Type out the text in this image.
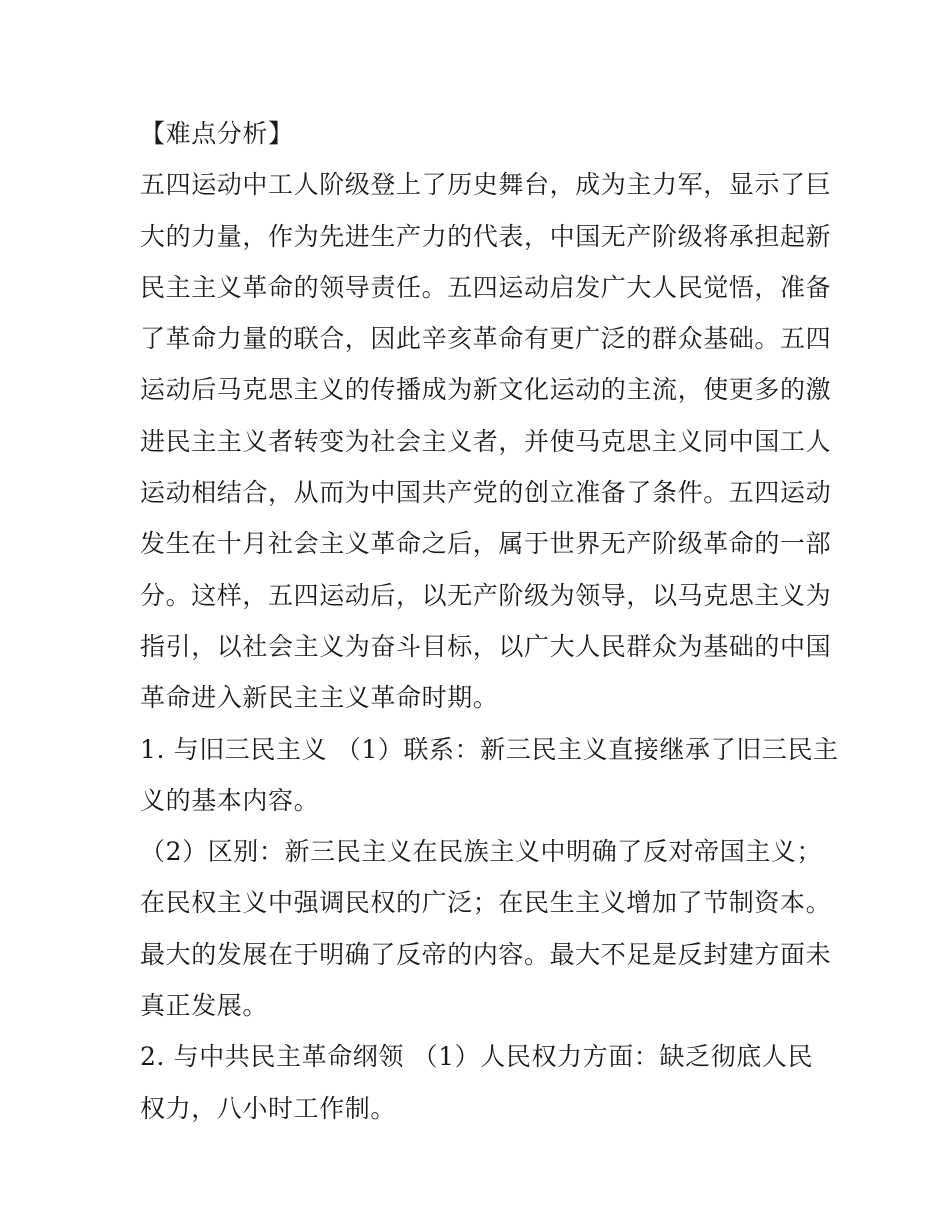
【难点分析】

五四运动中工人阶级登上了历史舞台，成为主力军，显示了巨
大的力量，作为先进生产力的代表，中国无产阶级将承担起新
民主主义革命的领导责任。五四运动启发广大人民觉悟，准备
了革命力量的联合，因此辛亥革命有更广泛的群众基础。五四
运动后马克思主义的传播成为新文化运动的主流，使更多的激
进民主主义者转变为社会主义者，并使马克思主义同中国工人
运动相结合，从而为中国共产党的创立准备了条件。五四运动
发生在十月社会主义革命之后，属于世界无产阶级革命的一部
分。这样，五四运动后，以无产阶级为领导，以马克思主义为
指引，以社会主义为奋斗目标，以广大人民群众为基础的中国
革命进入新民主主义革命时期。

1. 与旧三民主义 （1）联系：新三民主义直接继承了旧三民主
义的基本内容。

（2）区别：新三民主义在民族主义中明确了反对帝国主义；
在民权主义中强调民权的广泛；在民生主义增加了节制资本。
最大的发展在于明确了反帝的内容。最大不足是反封建方面未
真正发展。

2. 与中共民主革命纲领 （1）人民权力方面：缺乏彻底人民
权力，八小时工作制。
